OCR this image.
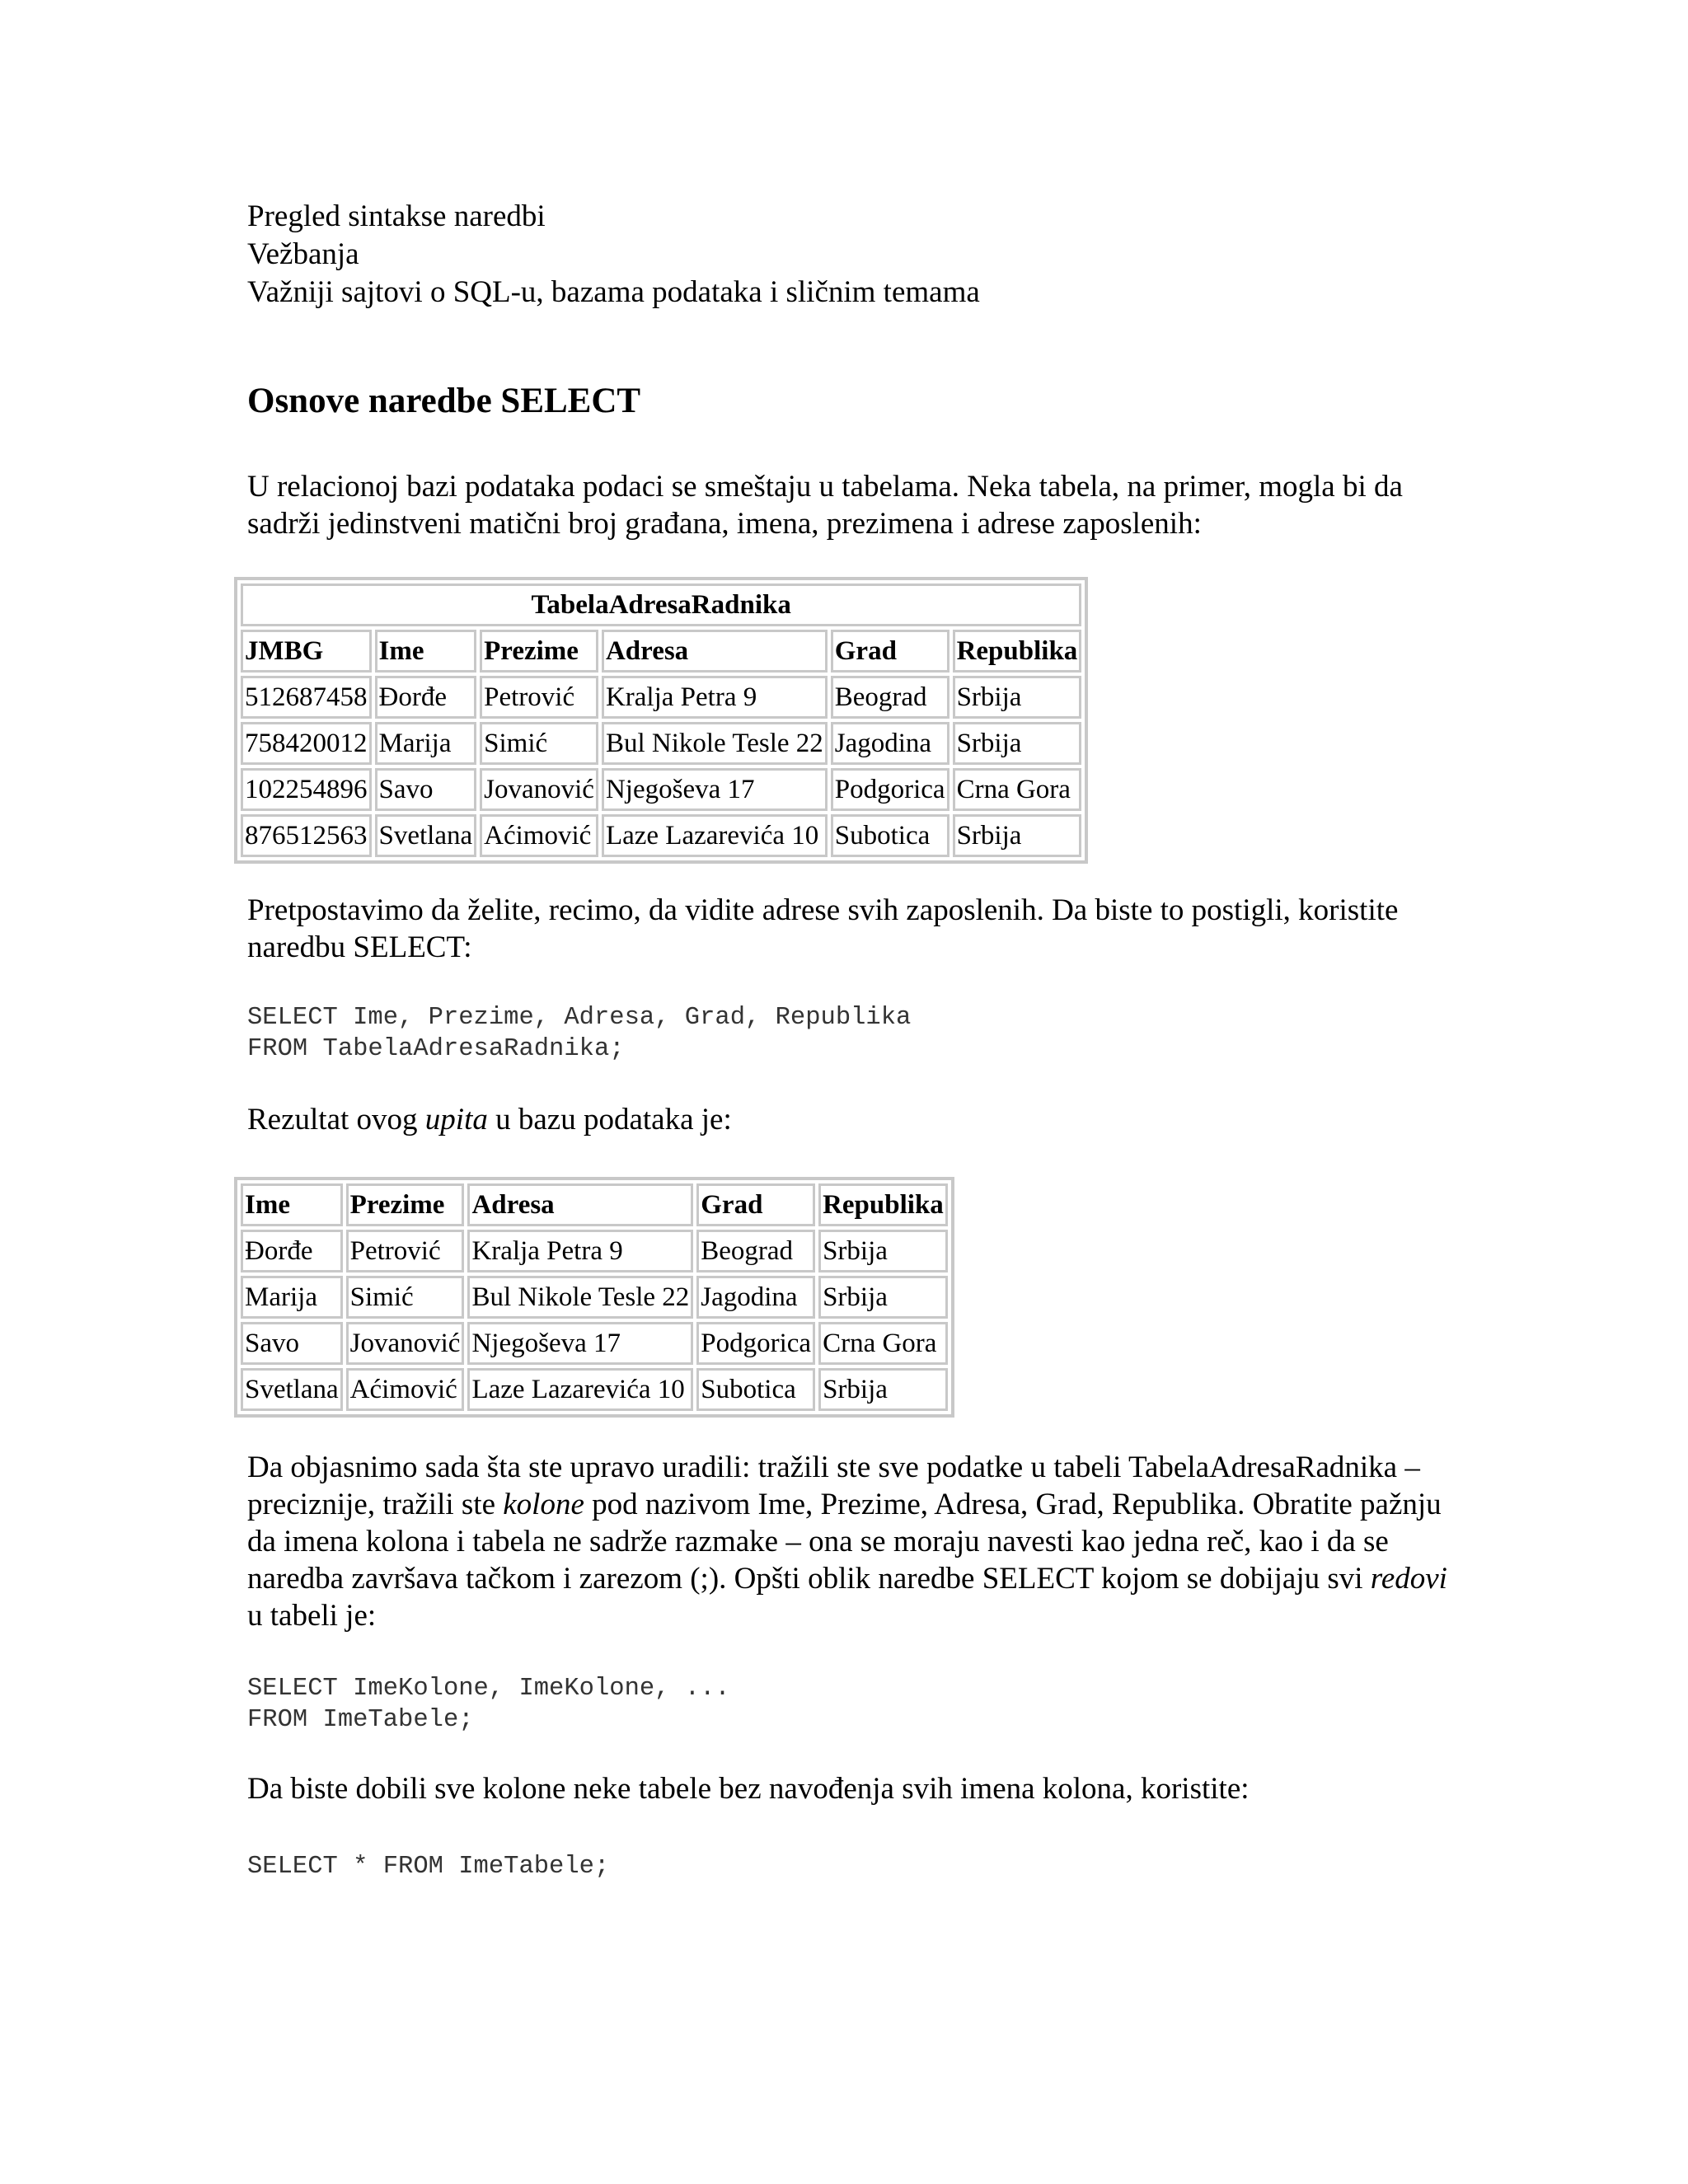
Pregled sintakse naredbi
Vežbanja
Važniji sajtovi o SQL-u, bazama podataka i sličnim temama
Osnove naredbe SELECT

U relacionoj bazi podataka podaci se smeštaju u tabelama. Neka tabela, na primer, mogla bi da sadrži jedinstveni matični broj građana, imena, prezimena i adrese zaposlenih:

TabelaAdresaRadnika					
JMBG	Ime	Prezime	Adresa	Grad	Republika
512687458	Đorđe	Petrović	Kralja Petra 9	Beograd	Srbija
758420012	Marija	Simić	Bul Nikole Tesle 22	Jagodina	Srbija
102254896	Savo	Jovanović	Njegoševa 17	Podgorica	Crna Gora
876512563	Svetlana	Aćimović	Laze Lazarevića 10	Subotica	Srbija

Pretpostavimo da želite, recimo, da vidite adrese svih zaposlenih. Da biste to postigli, koristite naredbu SELECT:

SELECT Ime, Prezime, Adresa, Grad, Republika
FROM TabelaAdresaRadnika;

Rezultat ovog upita u bazu podataka je:

Ime	Prezime	Adresa	Grad	Republika
Đorđe	Petrović	Kralja Petra 9	Beograd	Srbija
Marija	Simić	Bul Nikole Tesle 22	Jagodina	Srbija
Savo	Jovanović	Njegoševa 17	Podgorica	Crna Gora
Svetlana	Aćimović	Laze Lazarevića 10	Subotica	Srbija

Da objasnimo sada šta ste upravo uradili: tražili ste sve podatke u tabeli TabelaAdresaRadnika – preciznije, tražili ste kolone pod nazivom Ime, Prezime, Adresa, Grad, Republika. Obratite pažnju da imena kolona i tabela ne sadrže razmake – ona se moraju navesti kao jedna reč, kao i da se naredba završava tačkom i zarezom (;). Opšti oblik naredbe SELECT kojom se dobijaju svi redovi u tabeli je:

SELECT ImeKolone, ImeKolone, ...
FROM ImeTabele;

Da biste dobili sve kolone neke tabele bez navođenja svih imena kolona, koristite:

SELECT * FROM ImeTabele;
